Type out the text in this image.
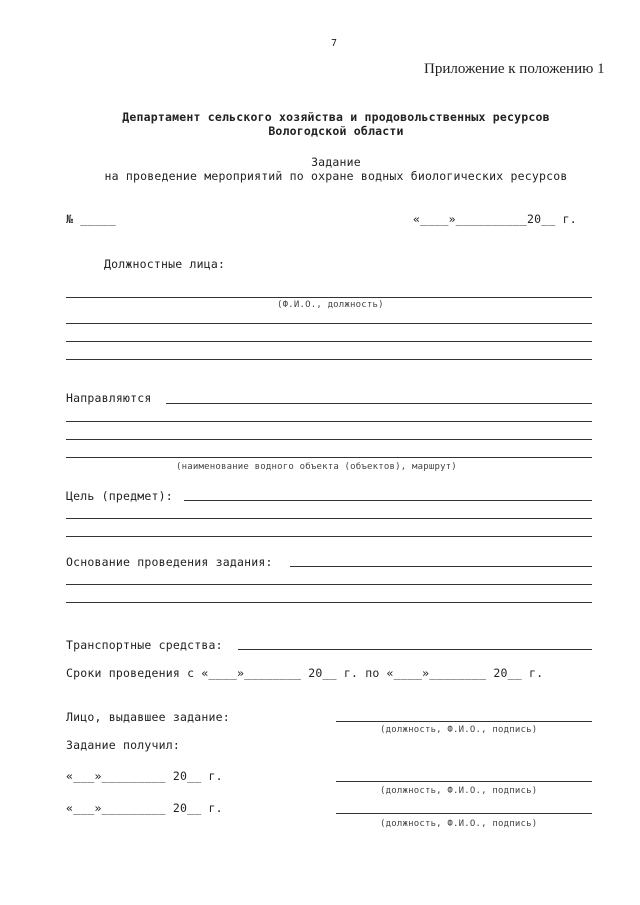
7
Приложение к положению 1
Департамент сельского хозяйства и продовольственных ресурсов
Вологодской области
Задание
на проведение мероприятий по охране водных биологических ресурсов
№ _____	«____»__________20__ г.
Должностные лица:
(Ф.И.О., должность)
Направляются
(наименование водного объекта (объектов), маршрут)
Цель (предмет):
Основание проведения задания:
Транспортные средства:
Сроки проведения с «____»________ 20__ г. по «____»________ 20__ г.
Лицо, выдавшее задание:
(должность, Ф.И.О., подпись)
Задание получил:
«___»_________ 20__ г.
(должность, Ф.И.О., подпись)
«___»_________ 20__ г.
(должность, Ф.И.О., подпись)
